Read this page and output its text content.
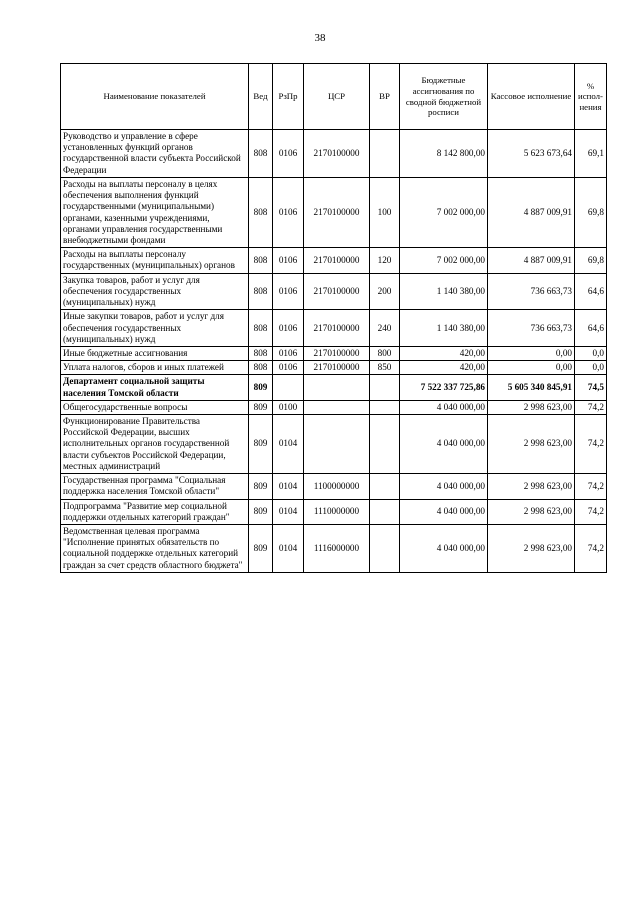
38
Наименование показателей	Вед	РзПр	ЦСР	ВР	Бюджетные ассигнования по сводной бюджетной росписи	Кассовое исполнение	% испол-нения
Руководство и управление в сфере установленных функций органов государственной власти субъекта Российской Федерации	808	0106	2170100000		8 142 800,00	5 623 673,64	69,1
Расходы на выплаты персоналу в целях обеспечения выполнения функций государственными (муниципальными) органами, казенными учреждениями, органами управления государственными внебюджетными фондами	808	0106	2170100000	100	7 002 000,00	4 887 009,91	69,8
Расходы на выплаты персоналу государственных (муниципальных) органов	808	0106	2170100000	120	7 002 000,00	4 887 009,91	69,8
Закупка товаров, работ и услуг для обеспечения государственных (муниципальных) нужд	808	0106	2170100000	200	1 140 380,00	736 663,73	64,6
Иные закупки товаров, работ и услуг для обеспечения государственных (муниципальных) нужд	808	0106	2170100000	240	1 140 380,00	736 663,73	64,6
Иные бюджетные ассигнования	808	0106	2170100000	800	420,00	0,00	0,0
Уплата налогов, сборов и иных платежей	808	0106	2170100000	850	420,00	0,00	0,0
Департамент социальной защиты населения Томской области	809				7 522 337 725,86	5 605 340 845,91	74,5
Общегосударственные вопросы	809	0100			4 040 000,00	2 998 623,00	74,2
Функционирование Правительства Российской Федерации, высших исполнительных органов государственной власти субъектов Российской Федерации, местных администраций	809	0104			4 040 000,00	2 998 623,00	74,2
Государственная программа "Социальная поддержка населения Томской области"	809	0104	1100000000		4 040 000,00	2 998 623,00	74,2
Подпрограмма "Развитие мер социальной поддержки отдельных категорий граждан"	809	0104	1110000000		4 040 000,00	2 998 623,00	74,2
Ведомственная целевая программа "Исполнение принятых обязательств по социальной поддержке отдельных категорий граждан за счет средств областного бюджета"	809	0104	1116000000		4 040 000,00	2 998 623,00	74,2
